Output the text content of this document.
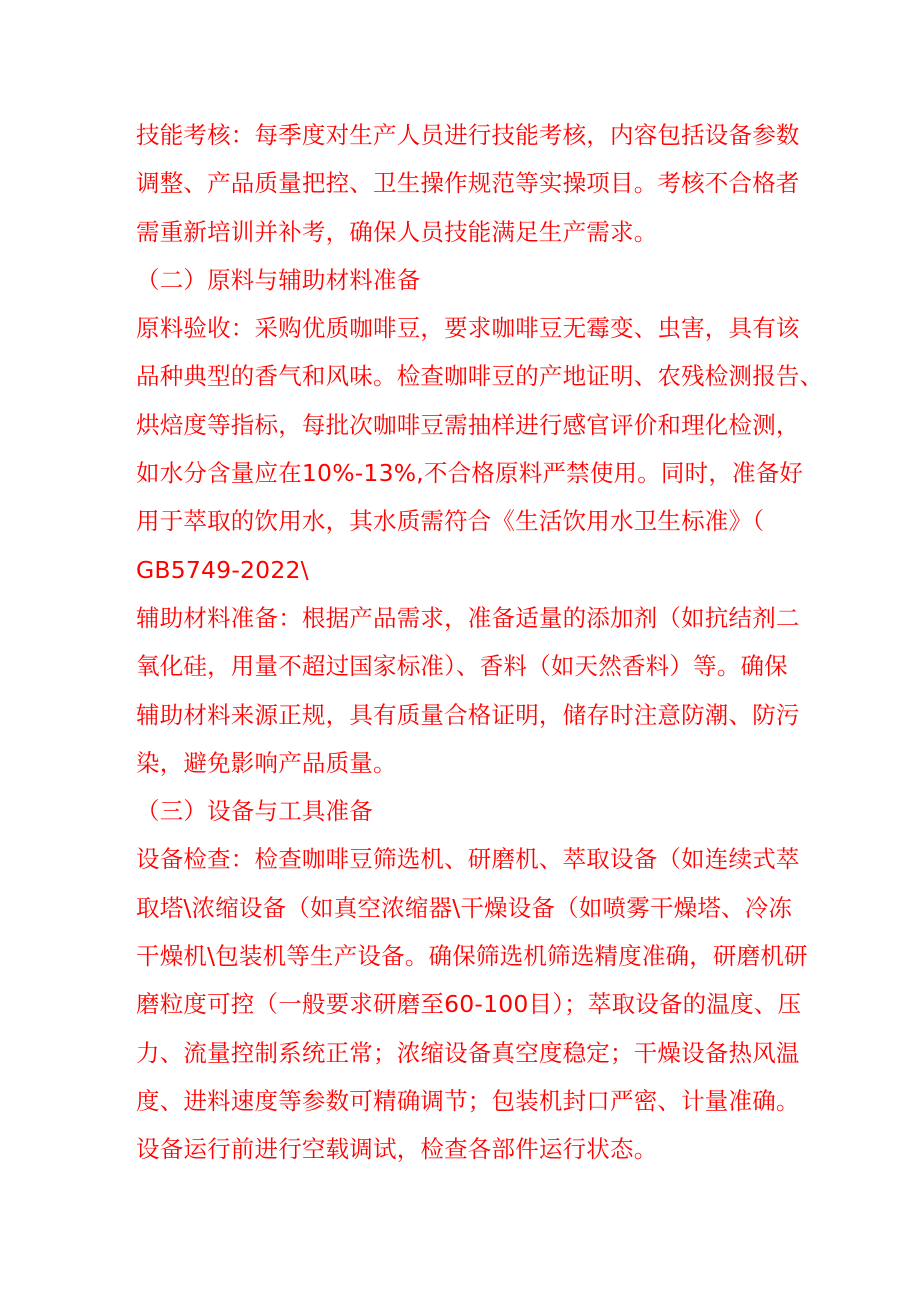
技能考核：每季度对生产人员进行技能考核，内容包括设备参数
调整、产品质量把控、卫生操作规范等实操项目。考核不合格者
需重新培训并补考，确保人员技能满足生产需求。
（二）原料与辅助材料准备
原料验收：采购优质咖啡豆，要求咖啡豆无霉变、虫害，具有该
品种典型的香气和风味。检查咖啡豆的产地证明、农残检测报告、
烘焙度等指标，每批次咖啡豆需抽样进行感官评价和理化检测，
如水分含量应在10%-13%,不合格原料严禁使用。同时，准备好
用于萃取的饮用水，其水质需符合《生活饮用水卫生标准》（
GB5749-2022\
辅助材料准备：根据产品需求，准备适量的添加剂（如抗结剂二
氧化硅，用量不超过国家标准）、香料（如天然香料）等。确保
辅助材料来源正规，具有质量合格证明，储存时注意防潮、防污
染，避免影响产品质量。
（三）设备与工具准备
设备检查：检查咖啡豆筛选机、研磨机、萃取设备（如连续式萃
取塔\浓缩设备（如真空浓缩器\干燥设备（如喷雾干燥塔、冷冻
干燥机\包装机等生产设备。确保筛选机筛选精度准确，研磨机研
磨粒度可控（一般要求研磨至60-100目）；萃取设备的温度、压
力、流量控制系统正常；浓缩设备真空度稳定；干燥设备热风温
度、进料速度等参数可精确调节；包装机封口严密、计量准确。
设备运行前进行空载调试，检查各部件运行状态。
